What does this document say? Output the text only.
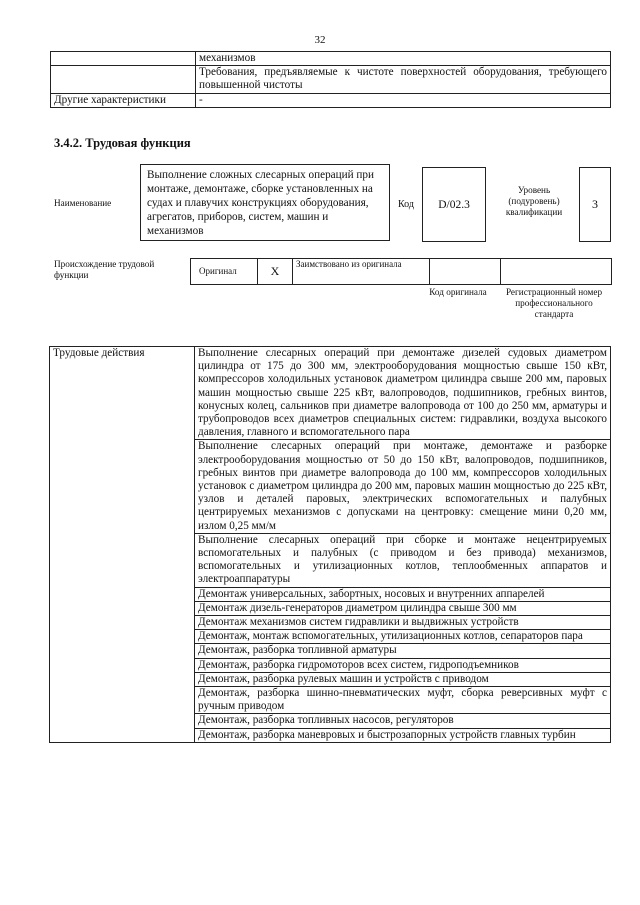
32
	механизмов
	Требования, предъявляемые к чистоте поверхностей оборудования, требующего повышенной чистоты
Другие характеристики	-
3.4.2. Трудовая функция
Наименование
Выполнение сложных слесарных операций при монтаже, демонтаже, сборке установленных на судах и плавучих конструкциях оборудования, агрегатов, приборов, систем, машин и механизмов
Код	D/02.3
Уровень (подуровень) квалификации
3
Происхождение трудовой функции	Оригинал	X	Заимствовано из оригинала		
Код оригинала	Регистрационный номер профессионального стандарта
Трудовые действия	Выполнение слесарных операций при демонтаже дизелей судовых диаметром цилиндра от 175 до 300 мм, электрооборудования мощностью свыше 150 кВт, компрессоров холодильных установок диаметром цилиндра свыше 200 мм, паровых машин мощностью свыше 225 кВт, валопроводов, подшипников, гребных винтов, конусных колец, сальников при диаметре валопровода от 100 до 250 мм, арматуры и трубопроводов всех диаметров специальных систем: гидравлики, воздуха высокого давления, главного и вспомогательного пара
Выполнение слесарных операций при монтаже, демонтаже и разборке электрооборудования мощностью от 50 до 150 кВт, валопроводов, подшипников, гребных винтов при диаметре валопровода до 100 мм, компрессоров холодильных установок с диаметром цилиндра до 200 мм, паровых машин мощностью до 225 кВт, узлов и деталей паровых, электрических вспомогательных и палубных центрируемых механизмов с допусками на центровку: смещение мини 0,20 мм, излом 0,25 мм/м
Выполнение слесарных операций при сборке и монтаже нецентрируемых вспомогательных и палубных (с приводом и без привода) механизмов, вспомогательных и утилизационных котлов, теплообменных аппаратов и электроаппаратуры
Демонтаж универсальных, забортных, носовых и внутренних аппарелей
Демонтаж дизель-генераторов диаметром цилиндра свыше 300 мм
Демонтаж механизмов систем гидравлики и выдвижных устройств
Демонтаж, монтаж вспомогательных, утилизационных котлов, сепараторов пара
Демонтаж, разборка топливной арматуры
Демонтаж, разборка гидромоторов всех систем, гидроподъемников
Демонтаж, разборка рулевых машин и устройств с приводом
Демонтаж, разборка шинно-пневматических муфт, сборка реверсивных муфт с ручным приводом
Демонтаж, разборка топливных насосов, регуляторов
Демонтаж, разборка маневровых и быстрозапорных устройств главных турбин
